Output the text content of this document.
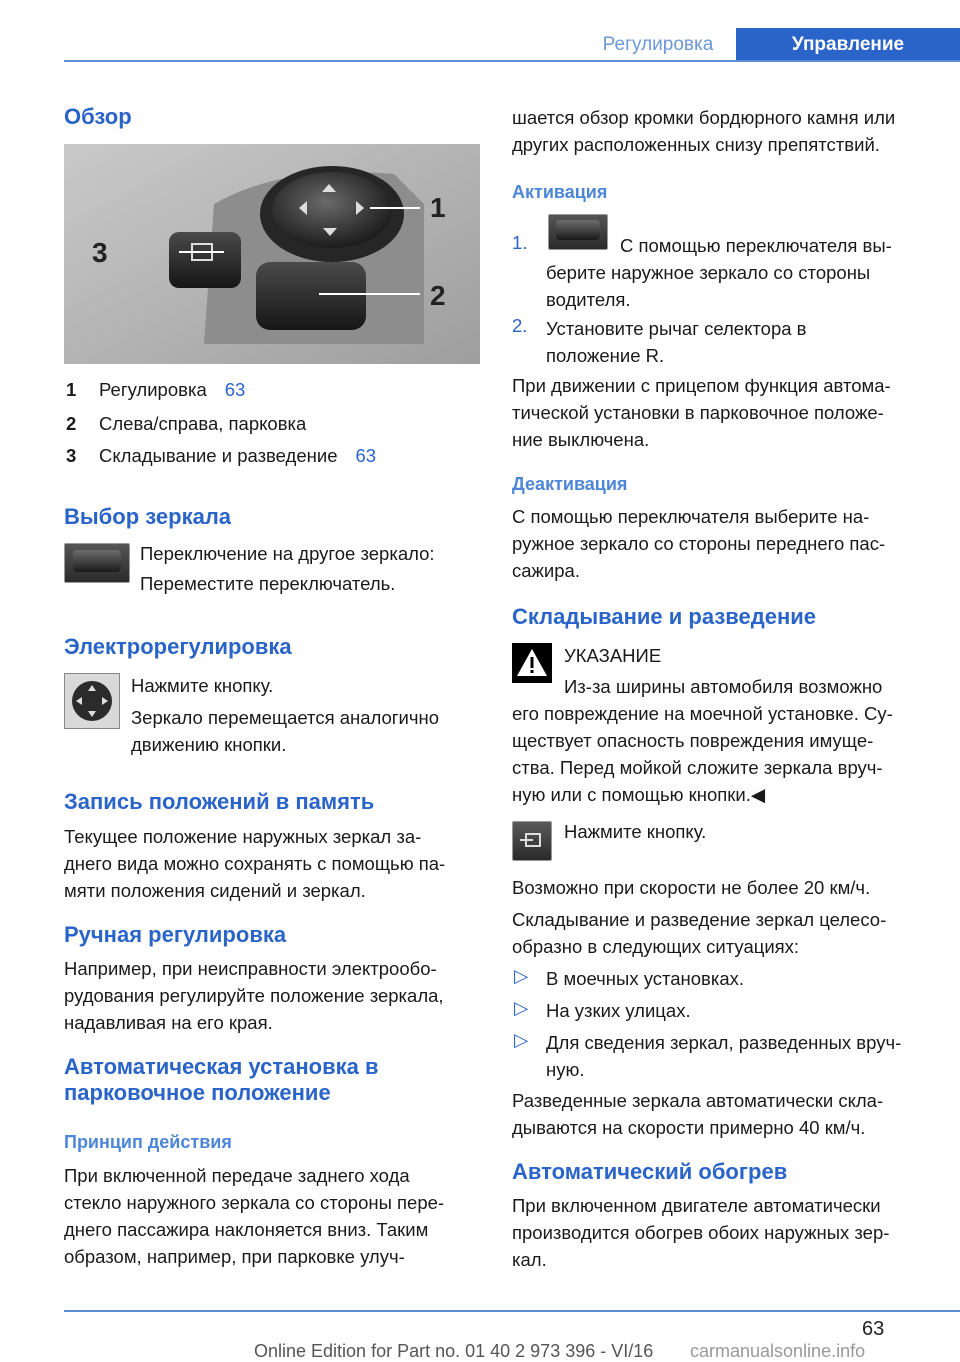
Регулировка	Управление
Обзор
3
1
2
1 Регулировка 63
2 Слева/справа, парковка
3 Складывание и разведение 63
Выбор зеркала
Переключение на другое зеркало:
Переместите переключатель.
Электрорегулировка
Нажмите кнопку.
Зеркало перемещается аналогично
движению кнопки.
Запись положений в память
Текущее положение наружных зеркал за-
днего вида можно сохранять с помощью па-
мяти положения сидений и зеркал.
Ручная регулировка
Например, при неисправности электрообо-
рудования регулируйте положение зеркала,
надавливая на его края.
Автоматическая установка в
парковочное положение
Принцип действия
При включенной передаче заднего хода
стекло наружного зеркала со стороны пере-
днего пассажира наклоняется вниз. Таким
образом, например, при парковке улуч-
шается обзор кромки бордюрного камня или
других расположенных снизу препятствий.
Активация
1.	С помощью переключателя вы-
берите наружное зеркало со стороны
водителя.
2. Установите рычаг селектора в
положение R.
При движении с прицепом функция автома-
тической установки в парковочное положе-
ние выключена.
Деактивация
С помощью переключателя выберите на-
ружное зеркало со стороны переднего пас-
сажира.
Складывание и разведение
УКАЗАНИЕ
Из-за ширины автомобиля возможно
его повреждение на моечной установке. Су-
ществует опасность повреждения имуще-
ства. Перед мойкой сложите зеркала вруч-
ную или с помощью кнопки.◀
Нажмите кнопку.
Возможно при скорости не более 20 км/ч.
Складывание и разведение зеркал целесо-
образно в следующих ситуациях:
▷ В моечных установках.
▷ На узких улицах.
▷ Для сведения зеркал, разведенных вруч-
ную.
Разведенные зеркала автоматически скла-
дываются на скорости примерно 40 км/ч.
Автоматический обогрев
При включенном двигателе автоматически
производится обогрев обоих наружных зер-
кал.
63
Online Edition for Part no. 01 40 2 973 396 - VI/16 carmanualsonline.info
